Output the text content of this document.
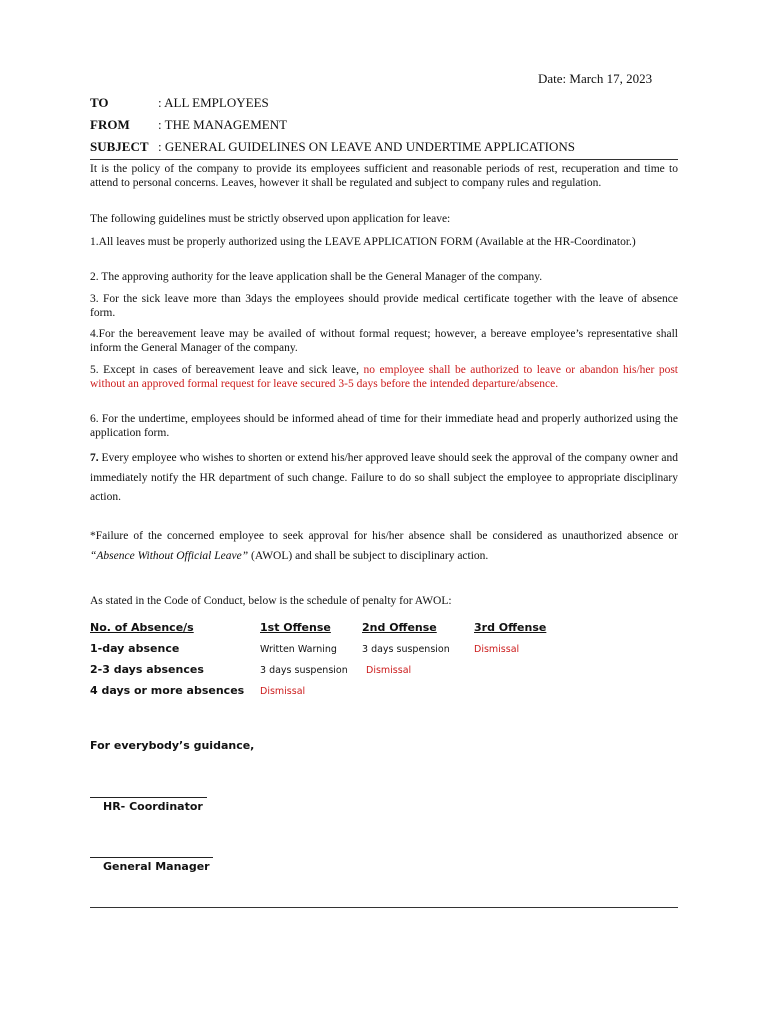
Date: March 17, 2023
TO	: ALL EMPLOYEES
FROM : THE MANAGEMENT
SUBJECT : GENERAL GUIDELINES ON LEAVE AND UNDERTIME APPLICATIONS
It is the policy of the company to provide its employees sufficient and reasonable periods of rest, recuperation and time to attend to personal concerns. Leaves, however it shall be regulated and subject to company rules and regulation.
The following guidelines must be strictly observed upon application for leave:
1.All leaves must be properly authorized using the LEAVE APPLICATION FORM (Available at the HR-Coordinator.)
2. The approving authority for the leave application shall be the General Manager of the company.
3. For the sick leave more than 3days the employees should provide medical certificate together with the leave of absence form.
4.For the bereavement leave may be availed of without formal request; however, a bereave employee’s representative shall inform the General Manager of the company.
5. Except in cases of bereavement leave and sick leave, no employee shall be authorized to leave or abandon his/her post without an approved formal request for leave secured 3-5 days before the intended departure/absence.
6. For the undertime, employees should be informed ahead of time for their immediate head and properly authorized using the application form.
7. Every employee who wishes to shorten or extend his/her approved leave should seek the approval of the company owner and immediately notify the HR department of such change. Failure to do so shall subject the employee to appropriate disciplinary action.
*Failure of the concerned employee to seek approval for his/her absence shall be considered as unauthorized absence or “Absence Without Official Leave” (AWOL) and shall be subject to disciplinary action.
As stated in the Code of Conduct, below is the schedule of penalty for AWOL:
No. of Absence/s	1st Offense	2nd Offense	3rd Offense
1-day absence	Written Warning	3 days suspension	Dismissal
2-3 days absences	3 days suspension Dismissal
4 days or more absences Dismissal
For everybody’s guidance,
HR- Coordinator
General Manager
